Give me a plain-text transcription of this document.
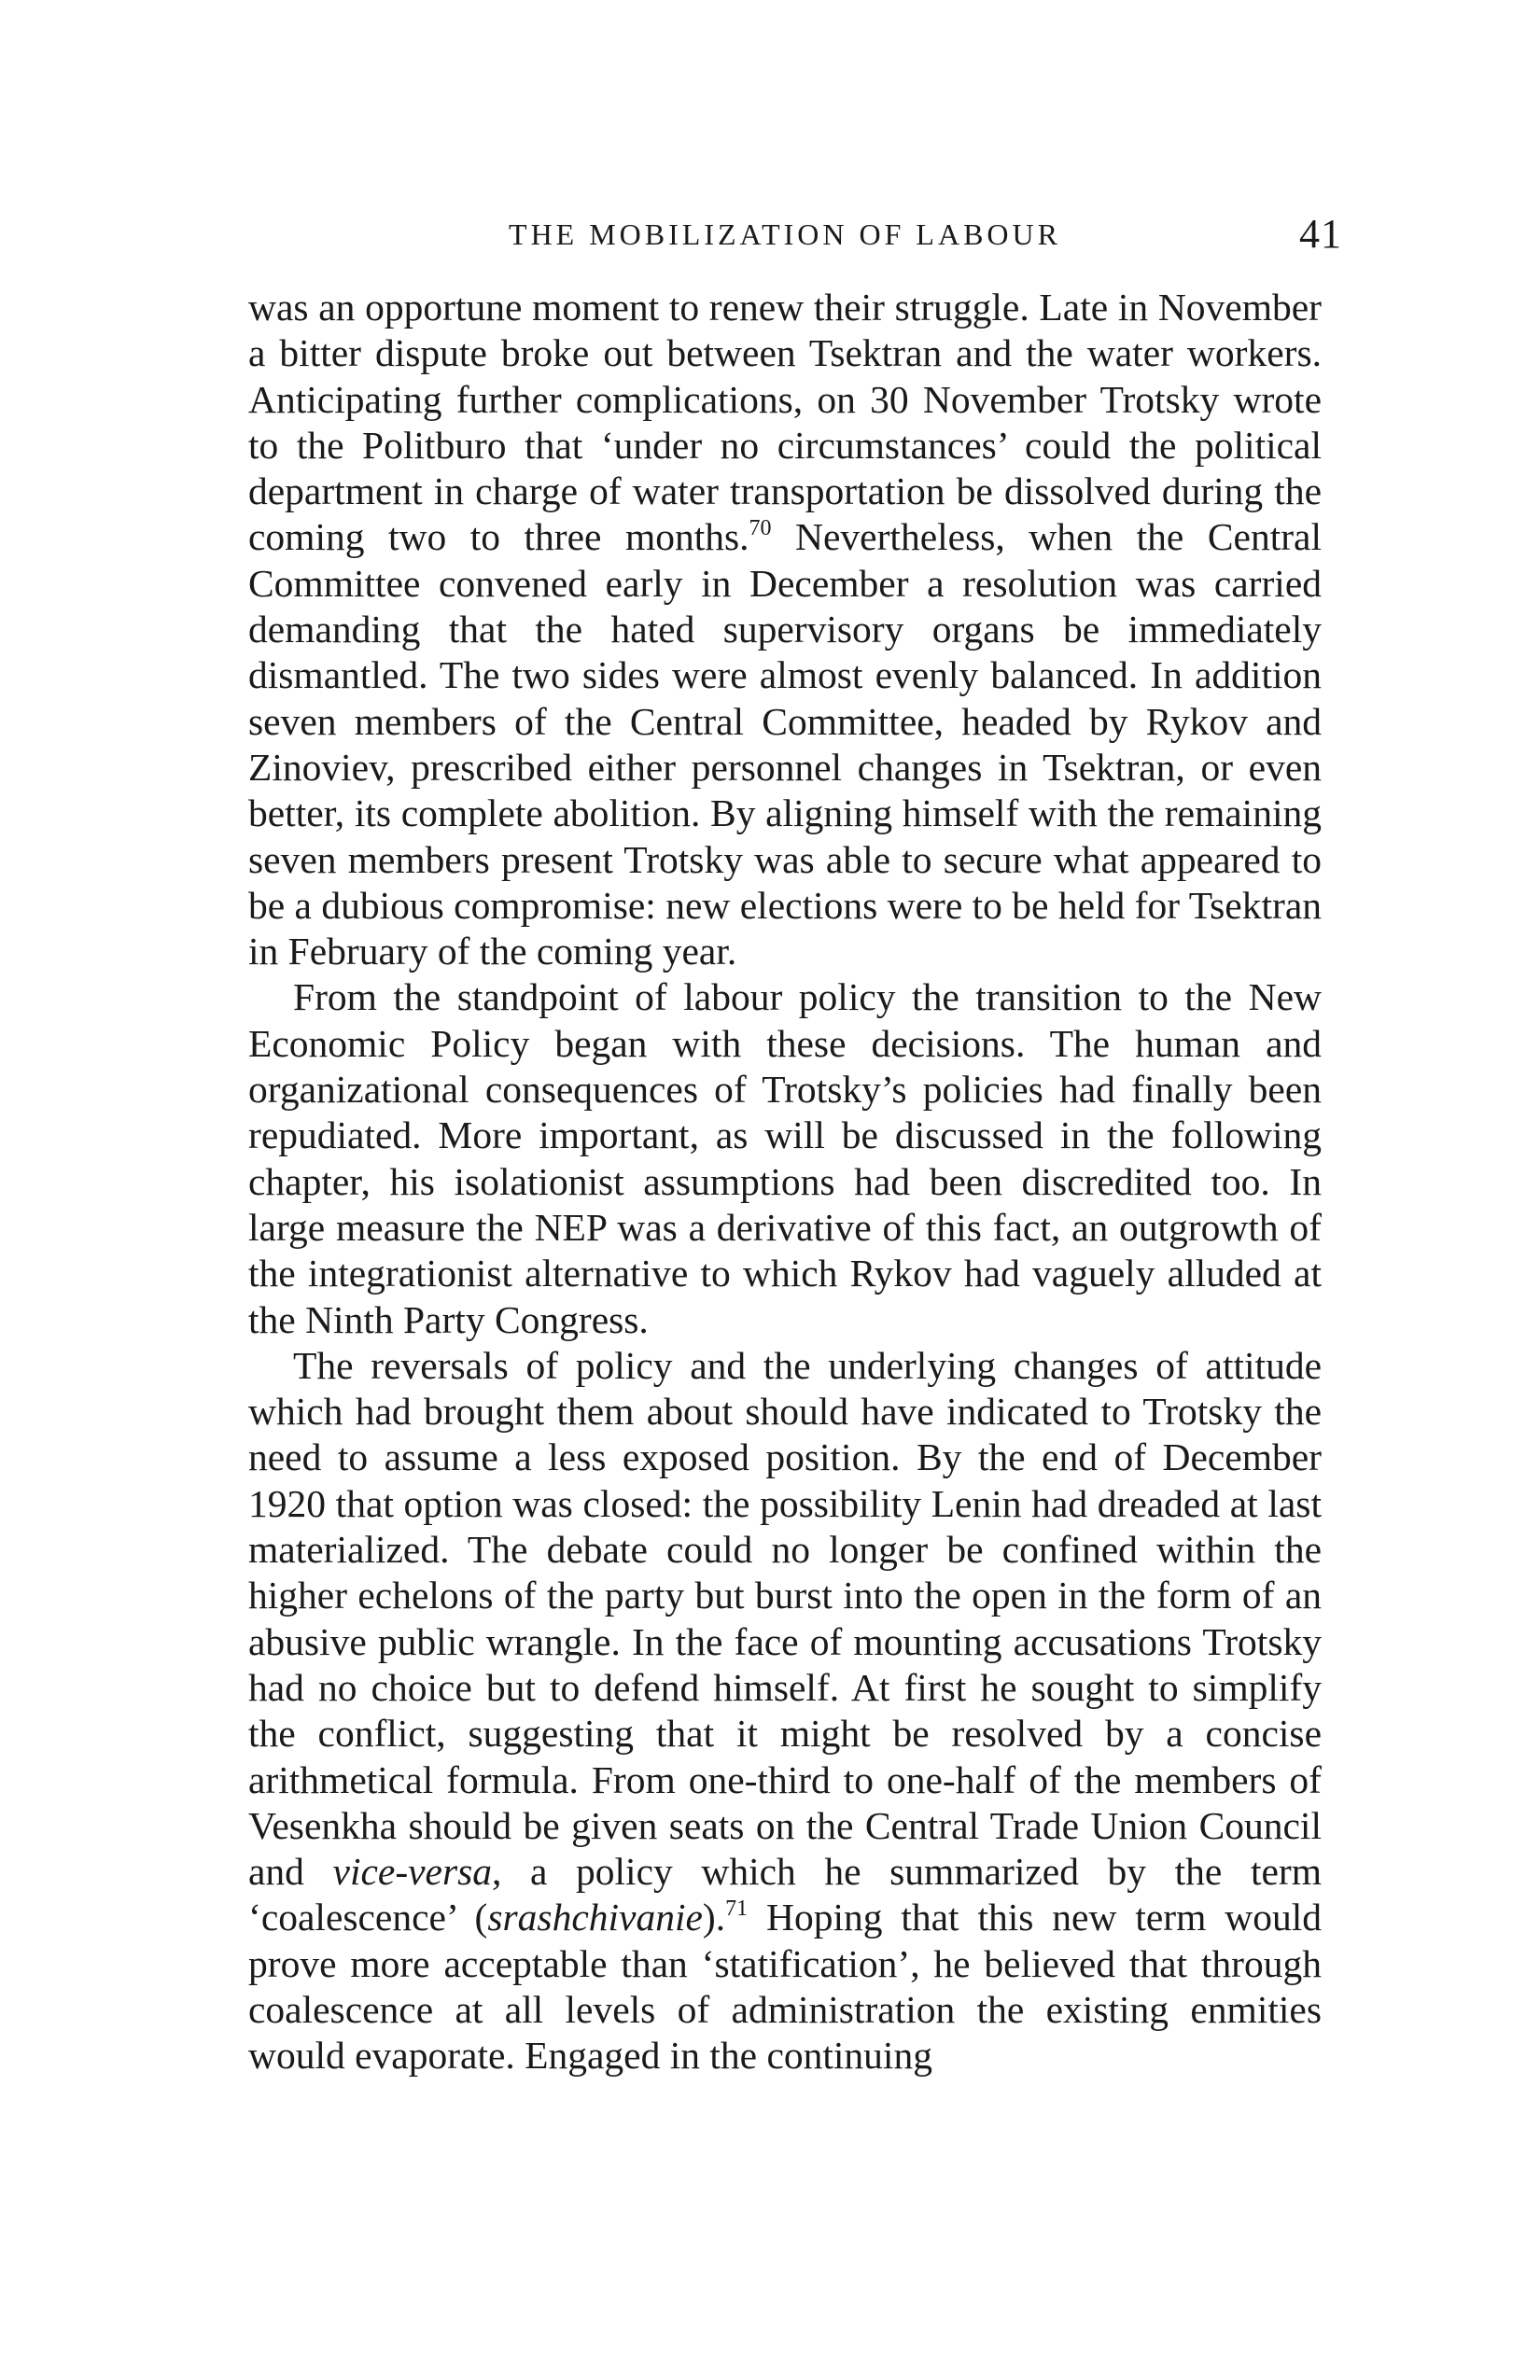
THE MOBILIZATION OF LABOUR	41

was an opportune moment to renew their struggle. Late in November a bitter dispute broke out between Tsektran and the water workers. Anticipating further complications, on 30 November Trotsky wrote to the Politburo that ‘under no circumstances’ could the political department in charge of water transportation be dissolved during the coming two to three months.$^{70}$ Nevertheless, when the Central Committee convened early in December a resolution was carried demanding that the hated supervisory organs be immediately dismantled. The two sides were almost evenly balanced. In addition seven members of the Central Committee, headed by Rykov and Zinoviev, prescribed either personnel changes in Tsektran, or even better, its complete abolition. By aligning himself with the remaining seven members present Trotsky was able to secure what appeared to be a dubious compromise: new elections were to be held for Tsektran in February of the coming year.

From the standpoint of labour policy the transition to the New Economic Policy began with these decisions. The human and organizational consequences of Trotsky’s policies had finally been repudiated. More important, as will be discussed in the following chapter, his isolationist assumptions had been discredited too. In large measure the NEP was a derivative of this fact, an outgrowth of the integrationist alternative to which Rykov had vaguely alluded at the Ninth Party Congress.

The reversals of policy and the underlying changes of attitude which had brought them about should have indicated to Trotsky the need to assume a less exposed position. By the end of December 1920 that option was closed: the possibility Lenin had dreaded at last materialized. The debate could no longer be confined within the higher echelons of the party but burst into the open in the form of an abusive public wrangle. In the face of mounting accusations Trotsky had no choice but to defend himself. At first he sought to simplify the conflict, suggesting that it might be resolved by a concise arithmetical formula. From one-third to one-half of the members of Vesenkha should be given seats on the Central Trade Union Council and vice-versa, a policy which he summarized by the term ‘coalescence’ (srashchivanie).$^{71}$ Hoping that this new term would prove more acceptable than ‘statification’, he believed that through coalescence at all levels of administration the existing enmities would evaporate. Engaged in the continuing
